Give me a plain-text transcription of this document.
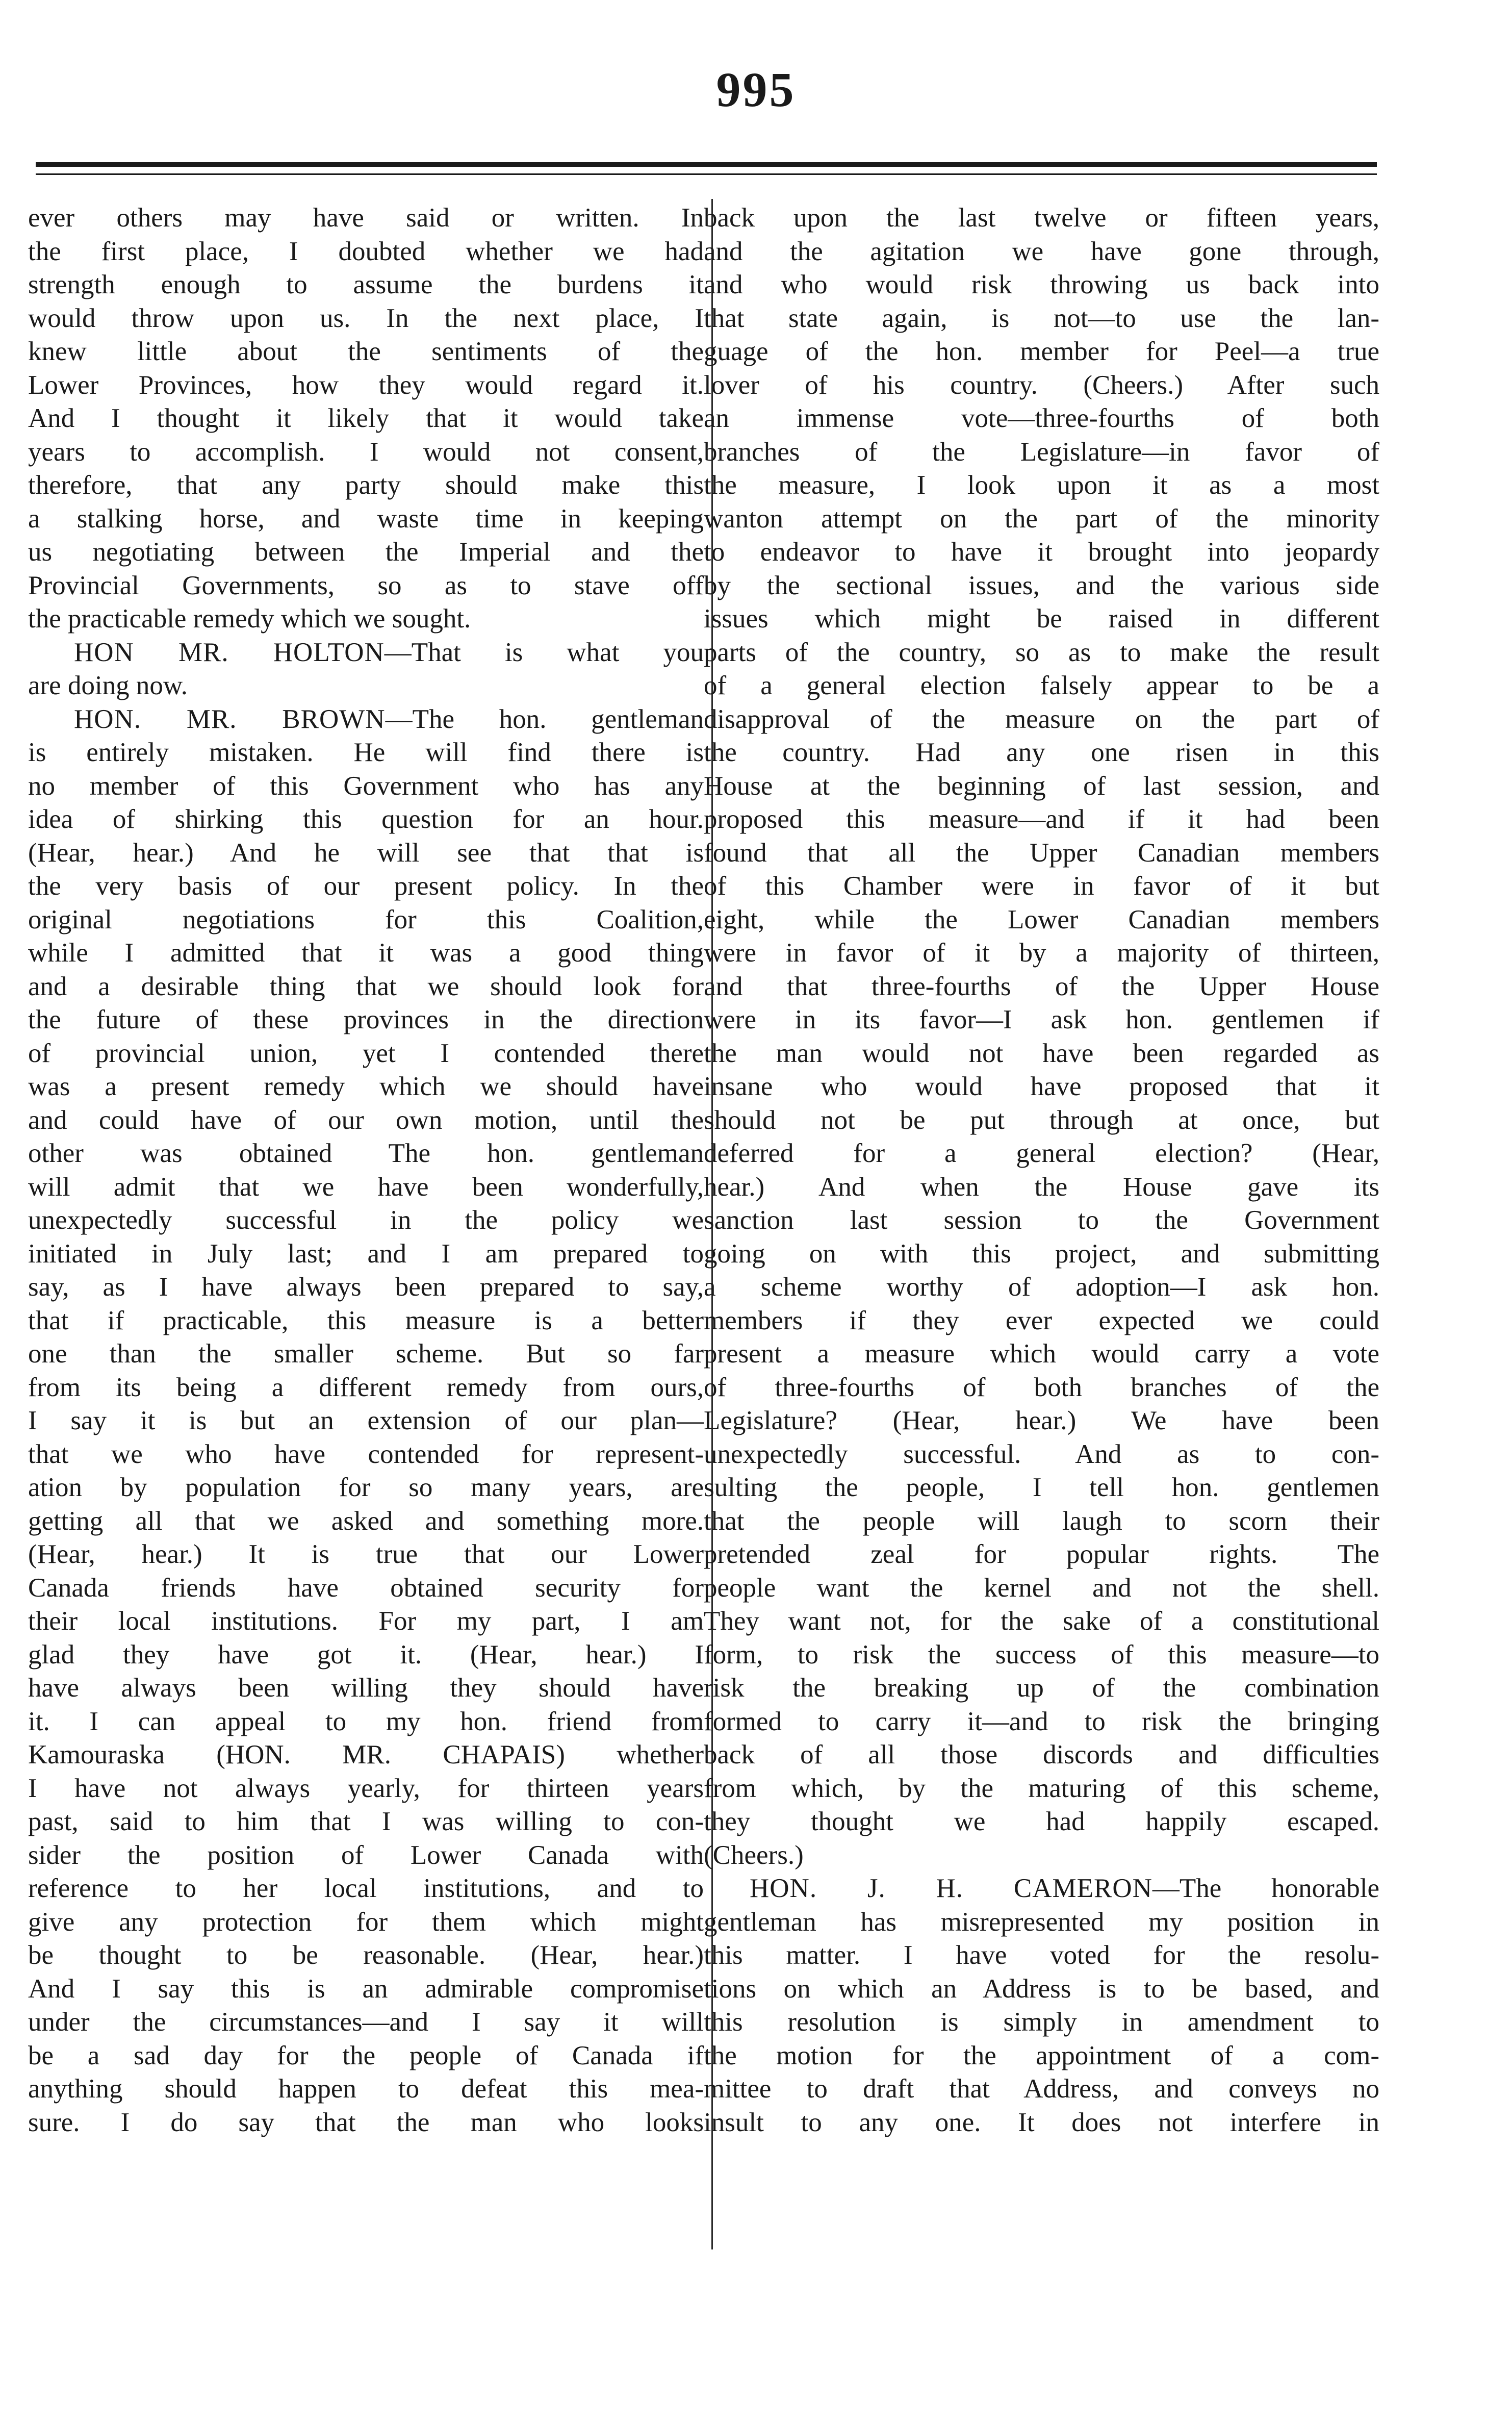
995
ever others may have said or written. In
the first place, I doubted whether we had
strength enough to assume the burdens it
would throw upon us. In the next place, I
knew little about the sentiments of the
Lower Provinces, how they would regard it.
And I thought it likely that it would take
years to accomplish. I would not consent,
therefore, that any party should make this
a stalking horse, and waste time in keeping
us negotiating between the Imperial and the
Provincial Governments, so as to stave off
the practicable remedy which we sought.
HON MR. HOLTON—That is what you
are doing now.
HON. MR. BROWN—The hon. gentleman
is entirely mistaken. He will find there is
no member of this Government who has any
idea of shirking this question for an hour.
(Hear, hear.) And he will see that that is
the very basis of our present policy. In the
original negotiations for this Coalition,
while I admitted that it was a good thing
and a desirable thing that we should look for
the future of these provinces in the direction
of provincial union, yet I contended there
was a present remedy which we should have
and could have of our own motion, until the
other was obtained The hon. gentleman
will admit that we have been wonderfully,
unexpectedly successful in the policy we
initiated in July last; and I am prepared to
say, as I have always been prepared to say,
that if practicable, this measure is a better
one than the smaller scheme. But so far
from its being a different remedy from ours,
I say it is but an extension of our plan—
that we who have contended for represent-
ation by population for so many years, are
getting all that we asked and something more.
(Hear, hear.) It is true that our Lower
Canada friends have obtained security for
their local institutions. For my part, I am
glad they have got it. (Hear, hear.) I
have always been willing they should have
it. I can appeal to my hon. friend from
Kamouraska (HON. MR. CHAPAIS) whether
I have not always yearly, for thirteen years
past, said to him that I was willing to con-
sider the position of Lower Canada with
reference to her local institutions, and to
give any protection for them which might
be thought to be reasonable. (Hear, hear.)
And I say this is an admirable compromise
under the circumstances—and I say it will
be a sad day for the people of Canada if
anything should happen to defeat this mea-
sure. I do say that the man who looks
back upon the last twelve or fifteen years,
and the agitation we have gone through,
and who would risk throwing us back into
that state again, is not—to use the lan-
guage of the hon. member for Peel—a true
lover of his country. (Cheers.) After such
an immense vote—three-fourths of both
branches of the Legislature—in favor of
the measure, I look upon it as a most
wanton attempt on the part of the minority
to endeavor to have it brought into jeopardy
by the sectional issues, and the various side
issues which might be raised in different
parts of the country, so as to make the result
of a general election falsely appear to be a
disapproval of the measure on the part of
the country. Had any one risen in this
House at the beginning of last session, and
proposed this measure—and if it had been
found that all the Upper Canadian members
of this Chamber were in favor of it but
eight, while the Lower Canadian members
were in favor of it by a majority of thirteen,
and that three-fourths of the Upper House
were in its favor—I ask hon. gentlemen if
the man would not have been regarded as
insane who would have proposed that it
should not be put through at once, but
deferred for a general election? (Hear,
hear.) And when the House gave its
sanction last session to the Government
going on with this project, and submitting
a scheme worthy of adoption—I ask hon.
members if they ever expected we could
present a measure which would carry a vote
of three-fourths of both branches of the
Legislature? (Hear, hear.) We have been
unexpectedly successful. And as to con-
sulting the people, I tell hon. gentlemen
that the people will laugh to scorn their
pretended zeal for popular rights. The
people want the kernel and not the shell.
They want not, for the sake of a constitutional
form, to risk the success of this measure—to
risk the breaking up of the combination
formed to carry it—and to risk the bringing
back of all those discords and difficulties
from which, by the maturing of this scheme,
they thought we had happily escaped.
(Cheers.)
HON. J. H. CAMERON—The honorable
gentleman has misrepresented my position in
this matter. I have voted for the resolu-
tions on which an Address is to be based, and
this resolution is simply in amendment to
the motion for the appointment of a com-
mittee to draft that Address, and conveys no
insult to any one. It does not interfere in
